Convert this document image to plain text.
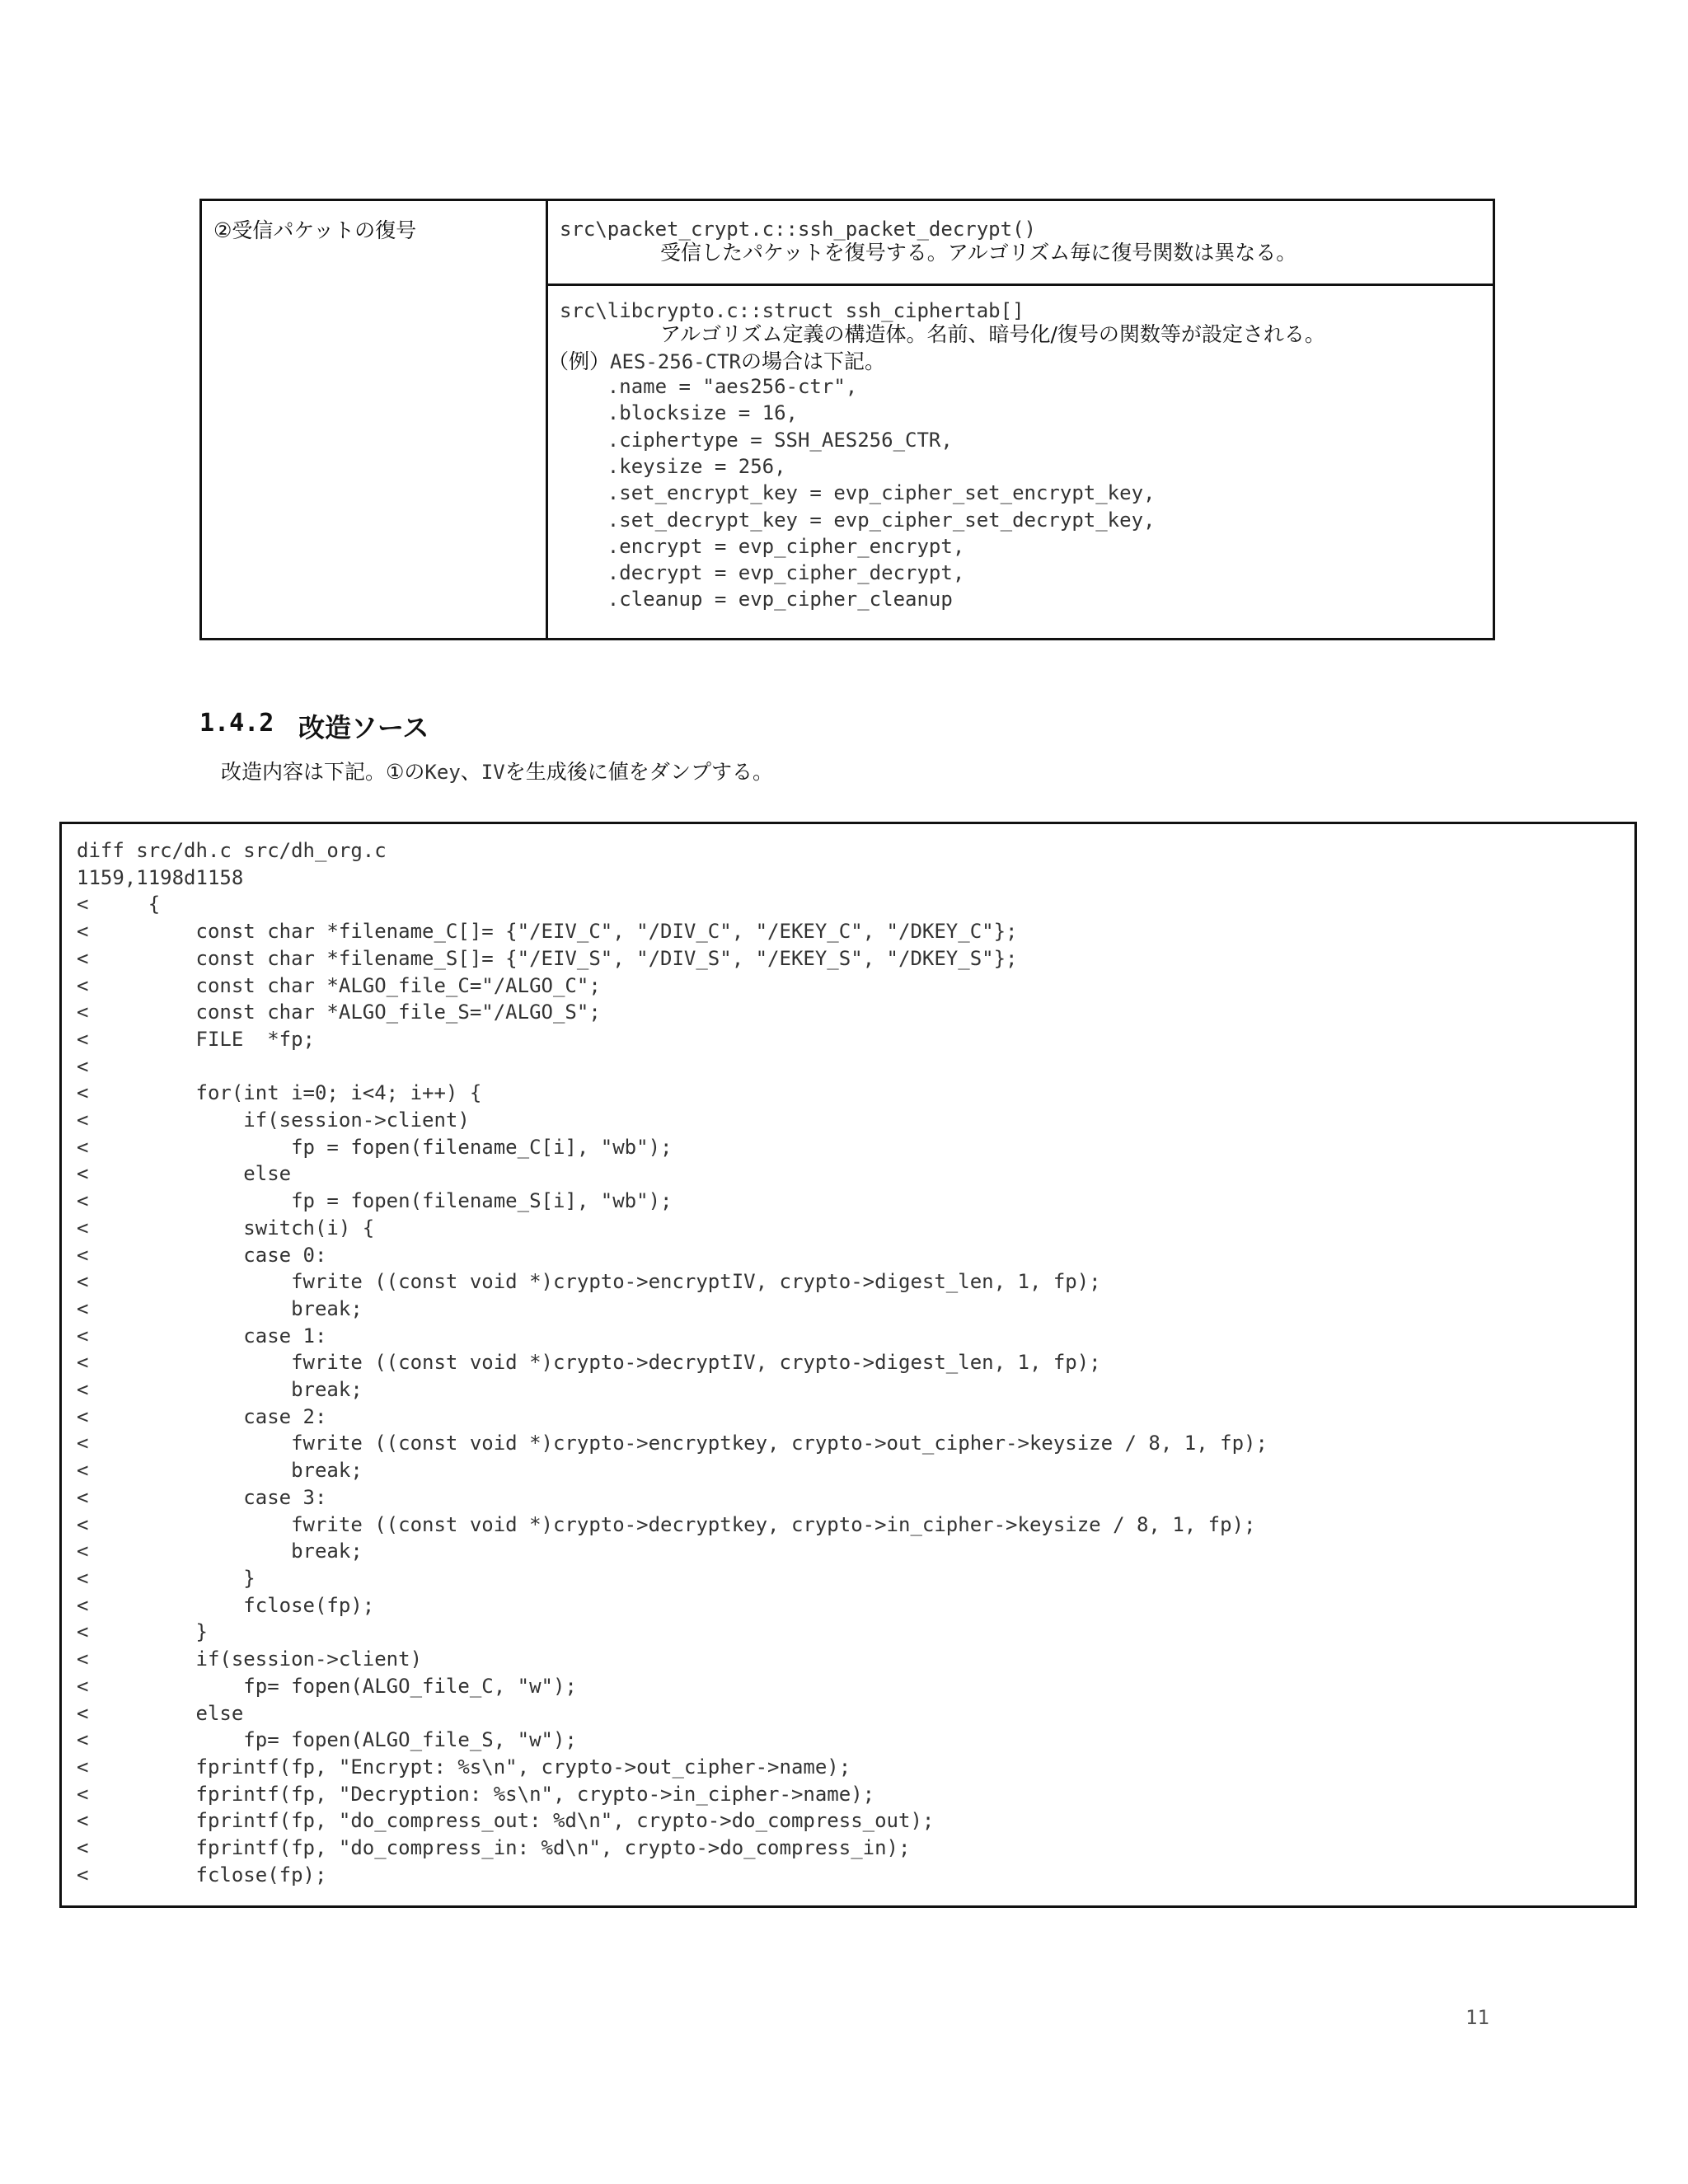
②受信パケットの復号	src\packet_crypt.c::ssh_packet_decrypt()
受信したパケットを復号する。アルゴリズム毎に復号関数は異なる。
src\libcrypto.c::struct ssh_ciphertab[]
アルゴリズム定義の構造体。名前、暗号化/復号の関数等が設定される。
（例）AES-256-CTRの場合は下記。
.name = "aes256-ctr",
.blocksize = 16,
.ciphertype = SSH_AES256_CTR,
.keysize = 256,
.set_encrypt_key = evp_cipher_set_encrypt_key,
.set_decrypt_key = evp_cipher_set_decrypt_key,
.encrypt = evp_cipher_encrypt,
.decrypt = evp_cipher_decrypt,
.cleanup = evp_cipher_cleanup
1.4.2 改造ソース
改造内容は下記。①のKey、IVを生成後に値をダンプする。
diff src/dh.c src/dh_org.c
1159,1198d1158
<     {
<         const char *filename_C[]= {"/EIV_C", "/DIV_C", "/EKEY_C", "/DKEY_C"};
<         const char *filename_S[]= {"/EIV_S", "/DIV_S", "/EKEY_S", "/DKEY_S"};
<         const char *ALGO_file_C="/ALGO_C";
<         const char *ALGO_file_S="/ALGO_S";
<         FILE  *fp;
<
<         for(int i=0; i<4; i++) {
<             if(session->client)
<                 fp = fopen(filename_C[i], "wb");
<             else
<                 fp = fopen(filename_S[i], "wb");
<             switch(i) {
<             case 0:
<                 fwrite ((const void *)crypto->encryptIV, crypto->digest_len, 1, fp);
<                 break;
<             case 1:
<                 fwrite ((const void *)crypto->decryptIV, crypto->digest_len, 1, fp);
<                 break;
<             case 2:
<                 fwrite ((const void *)crypto->encryptkey, crypto->out_cipher->keysize / 8, 1, fp);
<                 break;
<             case 3:
<                 fwrite ((const void *)crypto->decryptkey, crypto->in_cipher->keysize / 8, 1, fp);
<                 break;
<             }
<             fclose(fp);
<         }
<         if(session->client)
<             fp= fopen(ALGO_file_C, "w");
<         else
<             fp= fopen(ALGO_file_S, "w");
<         fprintf(fp, "Encrypt: %s\n", crypto->out_cipher->name);
<         fprintf(fp, "Decryption: %s\n", crypto->in_cipher->name);
<         fprintf(fp, "do_compress_out: %d\n", crypto->do_compress_out);
<         fprintf(fp, "do_compress_in: %d\n", crypto->do_compress_in);
<         fclose(fp);
11
